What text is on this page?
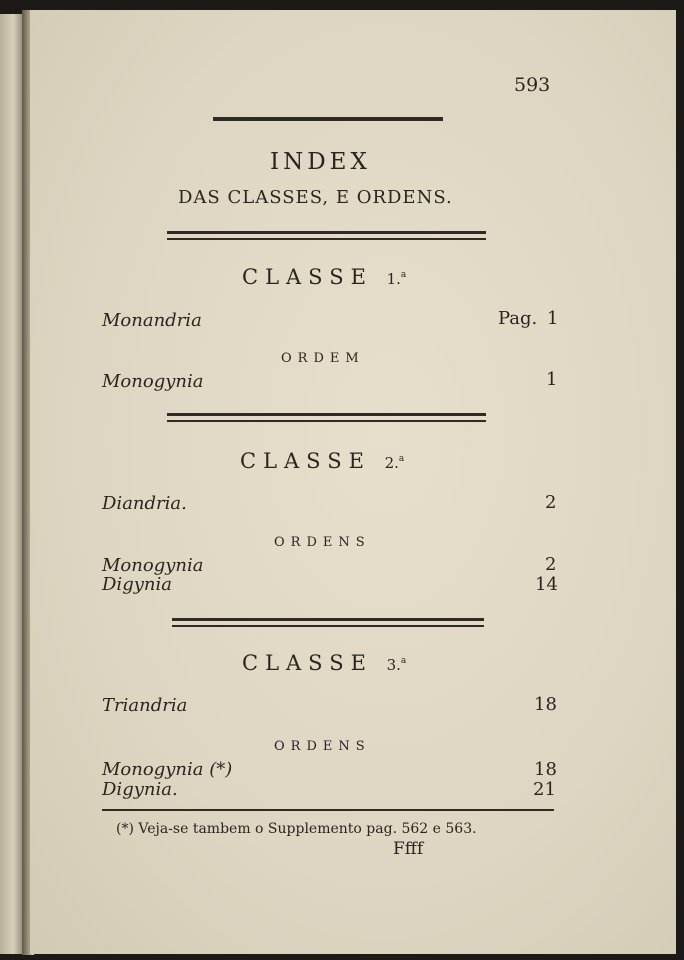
593
INDEX
DAS CLASSES, E ORDENS.
CLASSE 1.$^a$
Monandria	Pag. 1
ORDEM
Monogynia	1
CLASSE 2.$^a$
Diandria.	2
ORDENS
Monogynia	2
Digynia	14
CLASSE 3.$^a$
Triandria	18
ORDENS
Monogynia (*)	18
Digynia.	21
(*) Veja-se tambem o Supplemento pag. 562 e 563.
Ffff
